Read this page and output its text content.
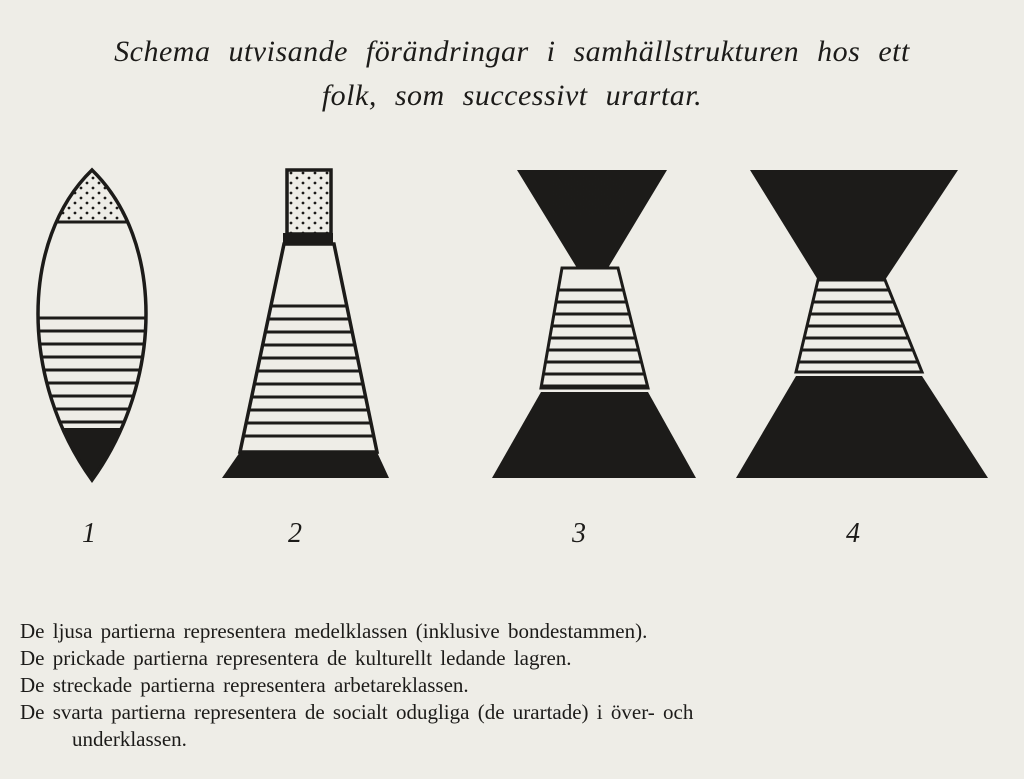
Schema utvisande förändringar i samhällstrukturen hos ett
folk, som successivt urartar.
1	2	3	4
De ljusa partierna representera medelklassen (inklusive bondestammen).
De prickade partierna representera de kulturellt ledande lagren.
De streckade partierna representera arbetareklassen.
De svarta partierna representera de socialt odugliga (de urartade) i över- och
underklassen.
